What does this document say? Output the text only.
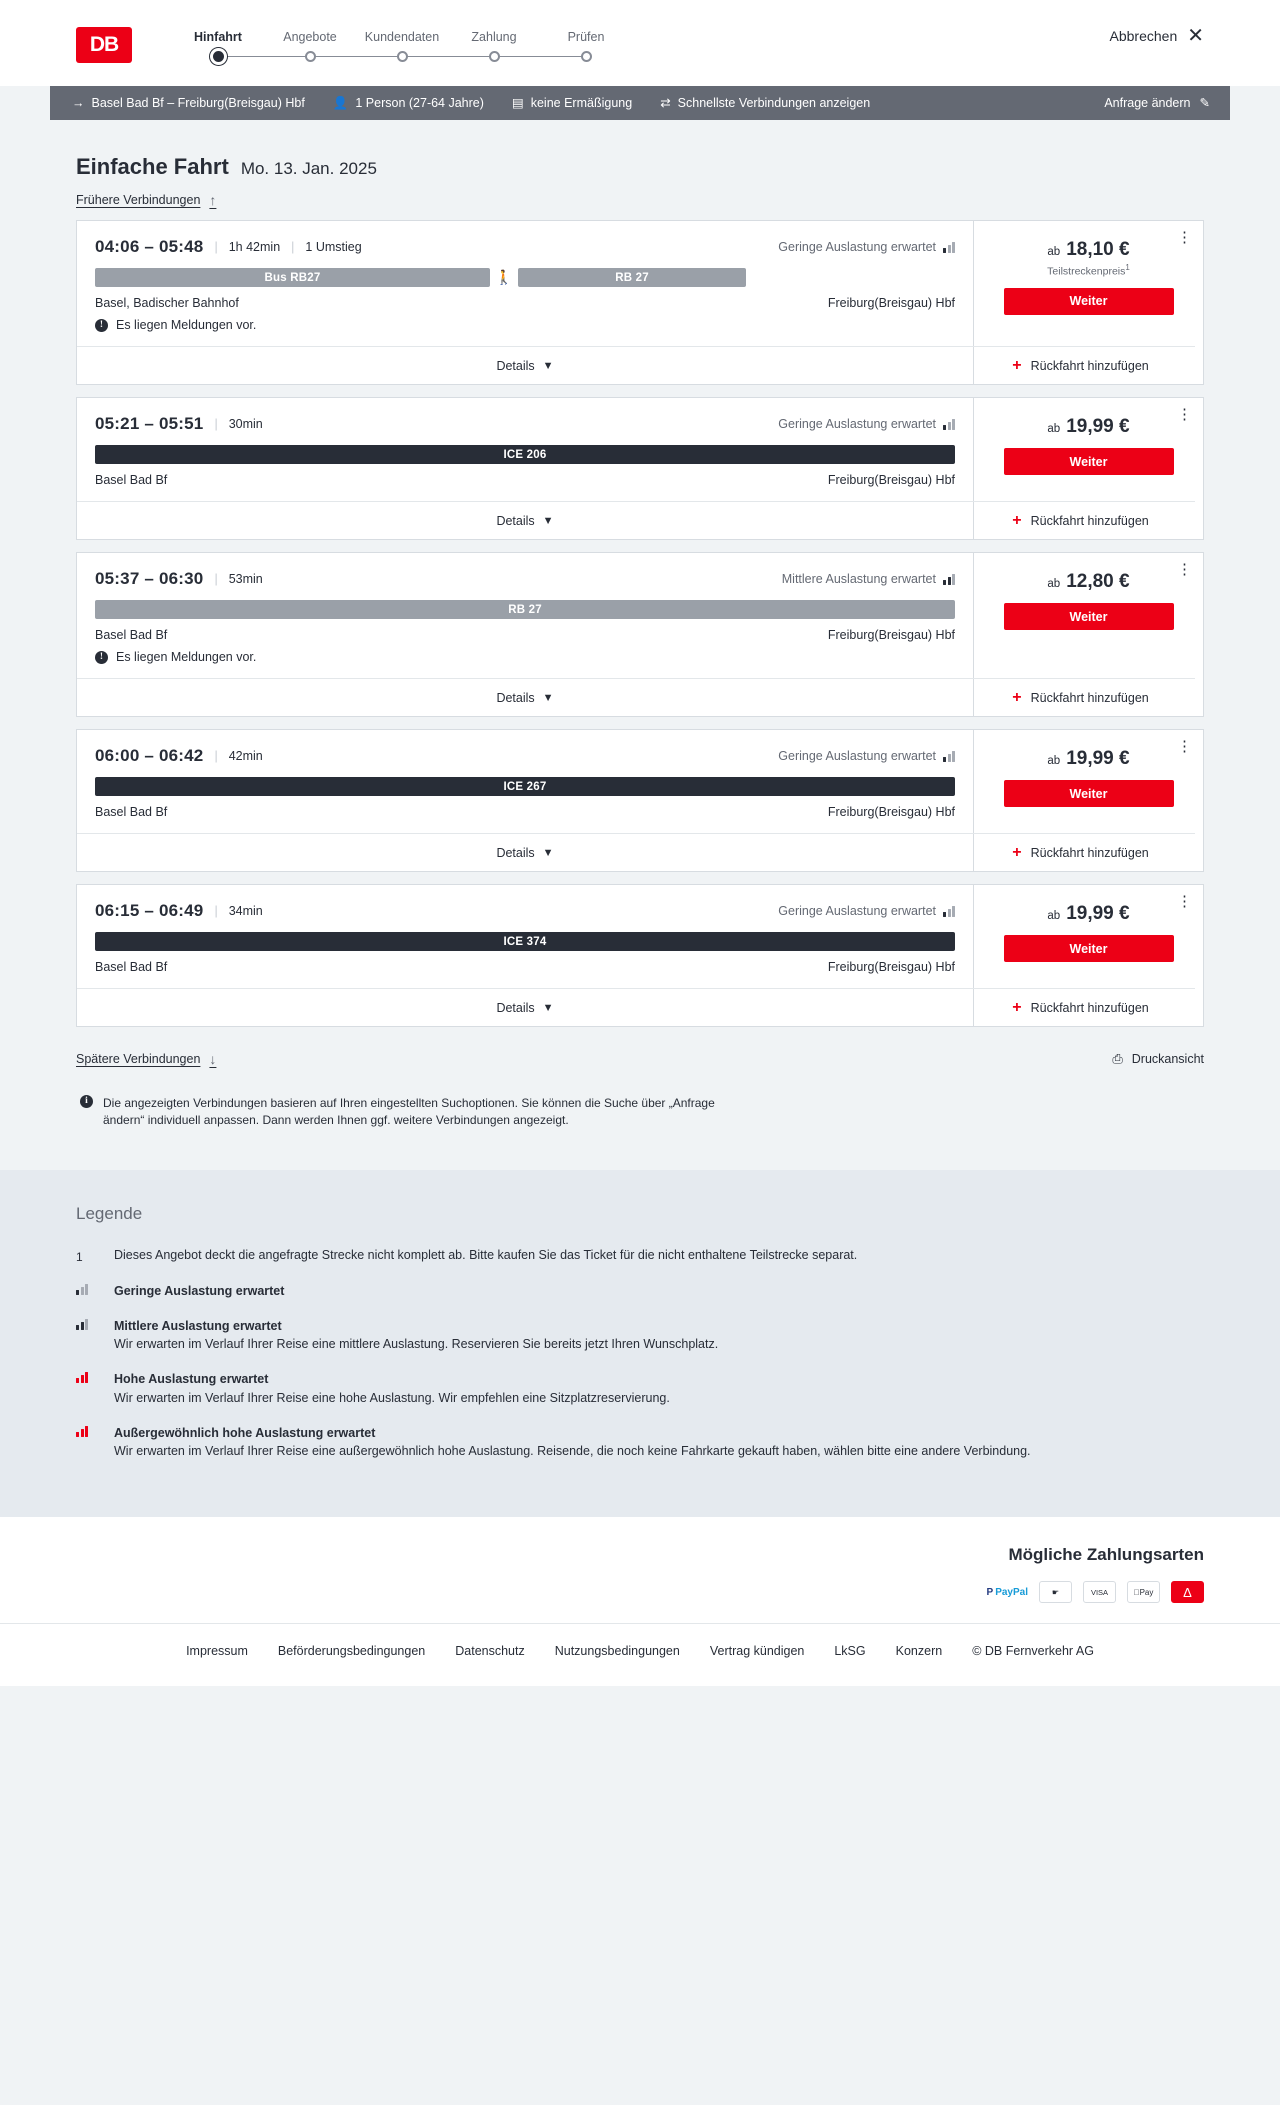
DB	Hinfahrt	Angebote	Kundendaten	Zahlung	Prüfen	Abbrechen ✕
→ Basel Bad Bf – Freiburg(Breisgau) Hbf 👤 1 Person (27-64 Jahre) ▤ keine Ermäßigung ⇄ Schnellste Verbindungen anzeigen	Anfrage ändern ✎
Einfache Fahrt Mo. 13. Jan. 2025
Frühere Verbindungen ↑
04:06 – 05:48 | 1h 42min | 1 Umstieg	Geringe Auslastung erwartet
Bus RB27	🚶	RB 27
Basel, Badischer Bahnhof	Freiburg(Breisgau) Hbf
!	Es liegen Meldungen vor.
Details ▼
⋮
ab 18,10 €
Teilstreckenpreis$^1$
Weiter
+ Rückfahrt hinzufügen
05:21 – 05:51 | 30min	Geringe Auslastung erwartet
ICE 206
Basel Bad Bf	Freiburg(Breisgau) Hbf
Details ▼
⋮
ab 19,99 €
Weiter
+ Rückfahrt hinzufügen
05:37 – 06:30 | 53min	Mittlere Auslastung erwartet
RB 27
Basel Bad Bf	Freiburg(Breisgau) Hbf
!	Es liegen Meldungen vor.
Details ▼
⋮
ab 12,80 €
Weiter
+ Rückfahrt hinzufügen
06:00 – 06:42 | 42min	Geringe Auslastung erwartet
ICE 267
Basel Bad Bf	Freiburg(Breisgau) Hbf
Details ▼
⋮
ab 19,99 €
Weiter
+ Rückfahrt hinzufügen
06:15 – 06:49 | 34min	Geringe Auslastung erwartet
ICE 374
Basel Bad Bf	Freiburg(Breisgau) Hbf
Details ▼
⋮
ab 19,99 €
Weiter
+ Rückfahrt hinzufügen
Spätere Verbindungen ↓	⎙ Druckansicht
i	Die angezeigten Verbindungen basieren auf Ihren eingestellten Suchoptionen. Sie können die Suche über „Anfrage ändern“ individuell anpassen. Dann werden Ihnen ggf. weitere Verbindungen angezeigt.
Legende
1	Dieses Angebot deckt die angefragte Strecke nicht komplett ab. Bitte kaufen Sie das Ticket für die nicht enthaltene Teilstrecke separat.
Geringe Auslastung erwartet
Mittlere Auslastung erwartet
Wir erwarten im Verlauf Ihrer Reise eine mittlere Auslastung. Reservieren Sie bereits jetzt Ihren Wunschplatz.
Hohe Auslastung erwartet
Wir erwarten im Verlauf Ihrer Reise eine hohe Auslastung. Wir empfehlen eine Sitzplatzreservierung.
Außergewöhnlich hohe Auslastung erwartet
Wir erwarten im Verlauf Ihrer Reise eine außergewöhnlich hohe Auslastung. Reisende, die noch keine Fahrkarte gekauft haben, wählen bitte eine andere Verbindung.
Mögliche Zahlungsarten
P PayPal	☛	VISA	Pay	∆
Impressum Beförderungsbedingungen Datenschutz Nutzungsbedingungen Vertrag kündigen LkSG Konzern © DB Fernverkehr AG
